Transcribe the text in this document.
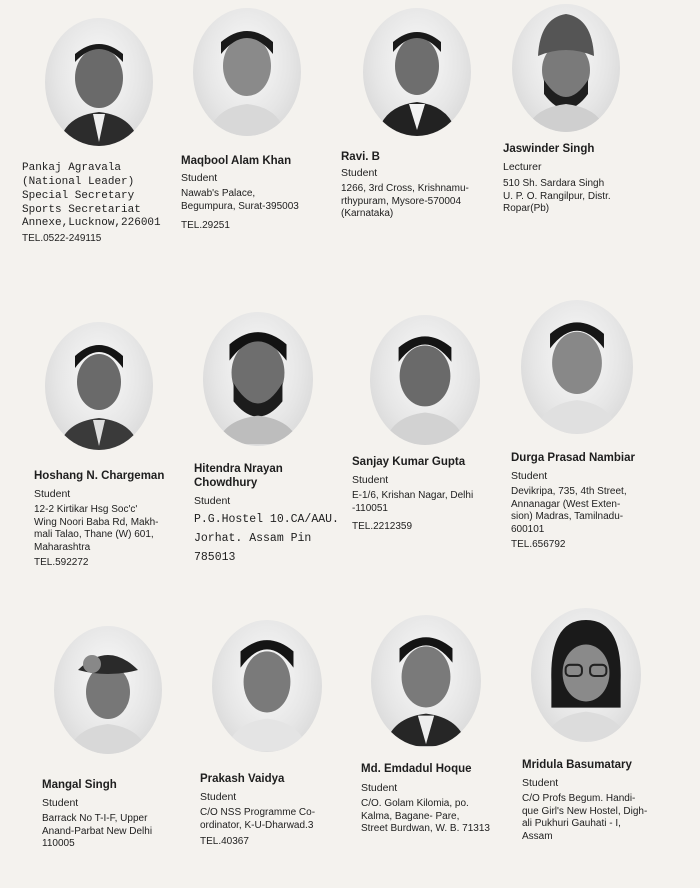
Pankaj Agravala
(National Leader)
Special Secretary
Sports Secretariat
Annexe,Lucknow,226001
TEL.0522-249115
Maqbool Alam Khan
Student
Nawab's Palace,
Begumpura, Surat-395003
TEL.29251
Ravi. B
Student
1266, 3rd Cross, Krishnamu-
rthypuram, Mysore-570004
(Karnataka)
Jaswinder Singh
Lecturer
510 Sh. Sardara Singh
U. P. O. Rangilpur, Distr.
Ropar(Pb)
Hoshang N. Chargeman
Student
12-2 Kirtikar Hsg Soc'c'
Wing Noori Baba Rd, Makh-
mali Talao, Thane (W) 601,
Maharashtra
TEL.592272
Hitendra Nrayan
Chowdhury
Student
P.G.Hostel 10.CA/AAU.
Jorhat. Assam Pin
785013
Sanjay Kumar Gupta
Student
E-1/6, Krishan Nagar, Delhi
-110051
TEL.2212359
Durga Prasad Nambiar
Student
Devikripa, 735, 4th Street,
Annanagar (West Exten-
sion) Madras, Tamilnadu-
600101
TEL.656792
Mangal Singh
Student
Barrack No T-I-F, Upper
Anand-Parbat New Delhi
110005
Prakash Vaidya
Student
C/O NSS Programme Co-
ordinator, K-U-Dharwad.3
TEL.40367
Md. Emdadul Hoque
Student
C/O. Golam Kilomia, po.
Kalma, Bagane- Pare,
Street Burdwan, W. B. 71313
Mridula Basumatary
Student
C/O Profs Begum. Handi-
que Girl's New Hostel, Digh-
ali Pukhuri Gauhati - I,
Assam
